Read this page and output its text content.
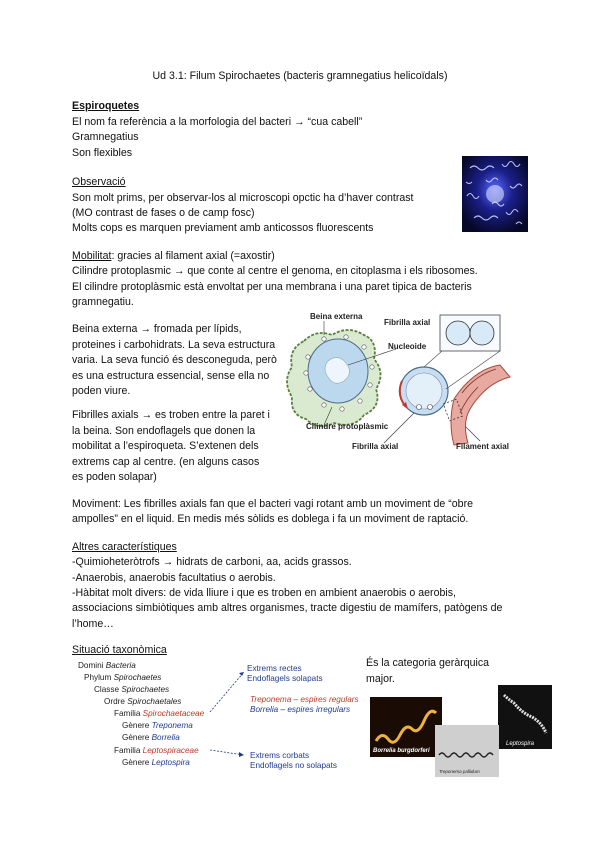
Ud 3.1: Filum Spirochaetes (bacteris gramnegatius helicoïdals)
Espiroquetes
El nom fa referència a la morfologia del bacteri → “cua cabell”
Gramnegatius
Son flexibles
Observació
Son molt prims, per observar-los al microscopi opctic ha d’haver contrast
(MO contrast de fases o de camp fosc)
Molts cops es marquen previament amb anticossos fluorescents
Mobilitat: gracies al filament axial (=axostir)
Cilindre protoplasmic → que conte al centre el genoma, en citoplasma i els ribosomes.
El cilindre protoplàsmic està envoltat per una membrana i una paret tipica de bacteris
gramnegatiu.
Beina externa → fromada per lípids, proteines i carbohidrats. La seva estructura varia. La seva funció és desconeguda, però es una estructura essencial, sense ella no poden viure.
Fibrilles axials → es troben entre la paret i la beina. Son endoflagels que donen la mobilitat a l’espiroqueta. S’extenen dels extrems cap al centre. (en alguns casos es poden solapar)
Beina externa
Fibrilla axial
Nucleoide
Cilindre protoplàsmic
Fibrilla axial	Filament axial
Moviment: Les fibrilles axials fan que el bacteri vagi rotant amb un moviment de “obre
ampolles” en el liquid. En medis més sòlids es doblega i fa un moviment de raptació.
Altres característiques
-Quimioheteròtrofs → hidrats de carboni, aa, acids grassos.
-Anaerobis, anaerobis facultatius o aerobis.
-Hàbitat molt divers: de vida lliure i que es troben en ambient anaerobis o aerobis,
associacions simbiòtiques amb altres organismes, tracte digestiu de mamífers, patògens de
l’home…
Situació taxonòmica
És la categoria geràrquica major.
Domini Bacteria
Phylum Spirochaetes
Classe Spirochaetes
Ordre Spirochaetales
Familia Spirochaetaceae
Gènere Treponema
Gènere Borrelia
Familia Leptospiraceae
Gènere Leptospira
Extrems rectes
Endoflagels solapats
Treponema – espires regulars
Borrelia – espires irregulars
Extrems corbats
Endoflagels no solapats
Borrelia burgdorferi
Leptospira
Treponema pallidum
